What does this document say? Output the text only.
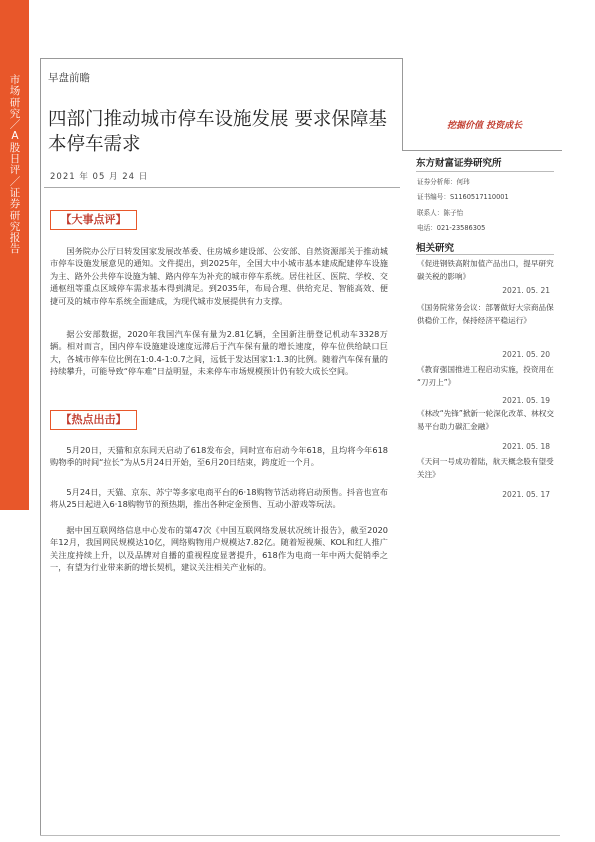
市场研究 ／ A股日评 ／ 证券研究报告
早盘前瞻
四部门推动城市停车设施发展 要求保障基本停车需求
挖掘价值 投资成长
2021 年 05 月 24 日
【大事点评】

国务院办公厅日转发国家发展改革委、住房城乡建设部、公安部、自然资源部关于推动城市停车设施发展意见的通知。文件提出，到2025年，全国大中小城市基本建成配建停车设施为主、路外公共停车设施为辅、路内停车为补充的城市停车系统。居住社区、医院、学校、交通枢纽等重点区域停车需求基本得到满足。到2035年，布局合理、供给充足、智能高效、便捷可及的城市停车系统全面建成，为现代城市发展提供有力支撑。

据公安部数据，2020年我国汽车保有量为2.81亿辆，全国新注册登记机动车3328万辆。相对而言，国内停车设施建设速度远滞后于汽车保有量的增长速度，停车位供给缺口巨大，各城市停车位比例在1:0.4-1:0.7之间，远低于发达国家1:1.3的比例。随着汽车保有量的持续攀升，可能导致“停车难”日益明显，未来停车市场规模预计仍有较大成长空间。

【热点出击】

5月20日，天猫和京东同天启动了618发布会，同时宣布启动今年618，且均将今年618购物季的时间“拉长”为从5月24日开始，至6月20日结束，跨度近一个月。

5月24日，天猫、京东、苏宁等多家电商平台的6·18购物节活动将启动预售。抖音也宣布将从25日起进入6·18购物节的预热期，推出各种定金预售、互动小游戏等玩法。

据中国互联网络信息中心发布的第47次《中国互联网络发展状况统计报告》，截至2020年12月，我国网民规模达10亿，网络购物用户规模达7.82亿。随着短视频、KOL和红人推广关注度持续上升，以及品牌对自播的重视程度显著提升，618作为电商一年中两大促销季之一，有望为行业带来新的增长契机，建议关注相关产业标的。

东方财富证券研究所
证券分析师：何玮
证书编号：S1160517110001
联系人：陈子怡
电话：021-23586305
相关研究

《促进钢铁高附加值产品出口，提早研究碳关税的影响》

2021. 05. 21

《国务院常务会议：部署做好大宗商品保供稳价工作，保持经济平稳运行》

2021. 05. 20

《教育强国推进工程启动实施，投资用在 “刀刃上”》

2021. 05. 19

《林改“先锋”掀新一轮深化改革、林权交易平台助力碳汇金融》

2021. 05. 18

《天问一号成功着陆，航天概念股有望受关注》

2021. 05. 17
